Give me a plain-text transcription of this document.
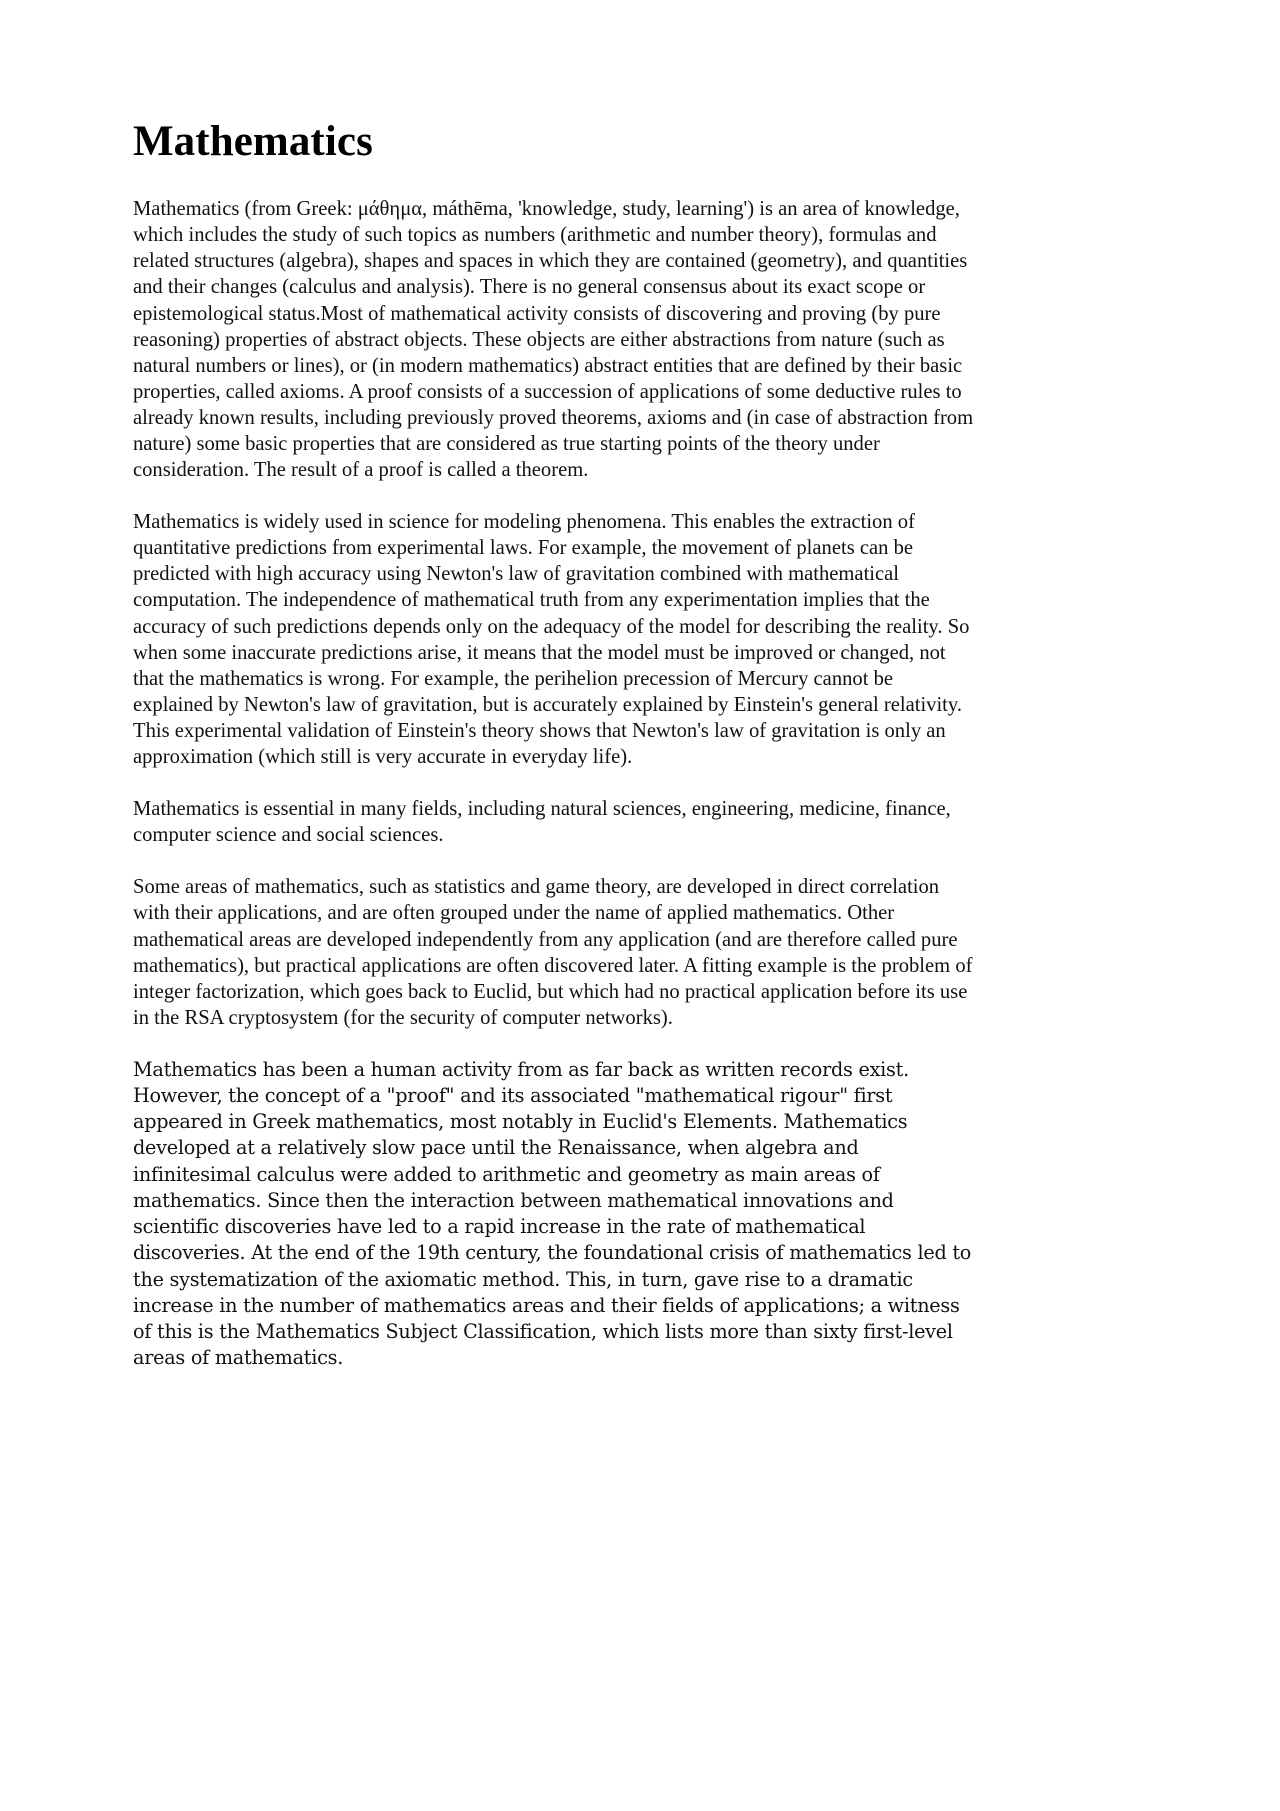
Mathematics

Mathematics (from Greek: μάθημα, máthēma, 'knowledge, study, learning') is an area of knowledge, which includes the study of such topics as numbers (arithmetic and number theory), formulas and related structures (algebra), shapes and spaces in which they are contained (geometry), and quantities and their changes (calculus and analysis). There is no general consensus about its exact scope or epistemological status.Most of mathematical activity consists of discovering and proving (by pure reasoning) properties of abstract objects. These objects are either abstractions from nature (such as natural numbers or lines), or (in modern mathematics) abstract entities that are defined by their basic properties, called axioms. A proof consists of a succession of applications of some deductive rules to already known results, including previously proved theorems, axioms and (in case of abstraction from nature) some basic properties that are considered as true starting points of the theory under consideration. The result of a proof is called a theorem.

Mathematics is widely used in science for modeling phenomena. This enables the extraction of quantitative predictions from experimental laws. For example, the movement of planets can be predicted with high accuracy using Newton's law of gravitation combined with mathematical computation. The independence of mathematical truth from any experimentation implies that the accuracy of such predictions depends only on the adequacy of the model for describing the reality. So when some inaccurate predictions arise, it means that the model must be improved or changed, not that the mathematics is wrong. For example, the perihelion precession of Mercury cannot be explained by Newton's law of gravitation, but is accurately explained by Einstein's general relativity. This experimental validation of Einstein's theory shows that Newton's law of gravitation is only an approximation (which still is very accurate in everyday life).

Mathematics is essential in many fields, including natural sciences, engineering, medicine, finance, computer science and social sciences.

Some areas of mathematics, such as statistics and game theory, are developed in direct correlation with their applications, and are often grouped under the name of applied mathematics. Other mathematical areas are developed independently from any application (and are therefore called pure mathematics), but practical applications are often discovered later. A fitting example is the problem of integer factorization, which goes back to Euclid, but which had no practical application before its use in the RSA cryptosystem (for the security of computer networks).

Mathematics has been a human activity from as far back as written records exist. However, the concept of a "proof" and its associated "mathematical rigour" first appeared in Greek mathematics, most notably in Euclid's Elements. Mathematics developed at a relatively slow pace until the Renaissance, when algebra and infinitesimal calculus were added to arithmetic and geometry as main areas of mathematics. Since then the interaction between mathematical innovations and scientific discoveries have led to a rapid increase in the rate of mathematical discoveries. At the end of the 19th century, the foundational crisis of mathematics led to the systematization of the axiomatic method. This, in turn, gave rise to a dramatic increase in the number of mathematics areas and their fields of applications; a witness of this is the Mathematics Subject Classification, which lists more than sixty first-level areas of mathematics.
